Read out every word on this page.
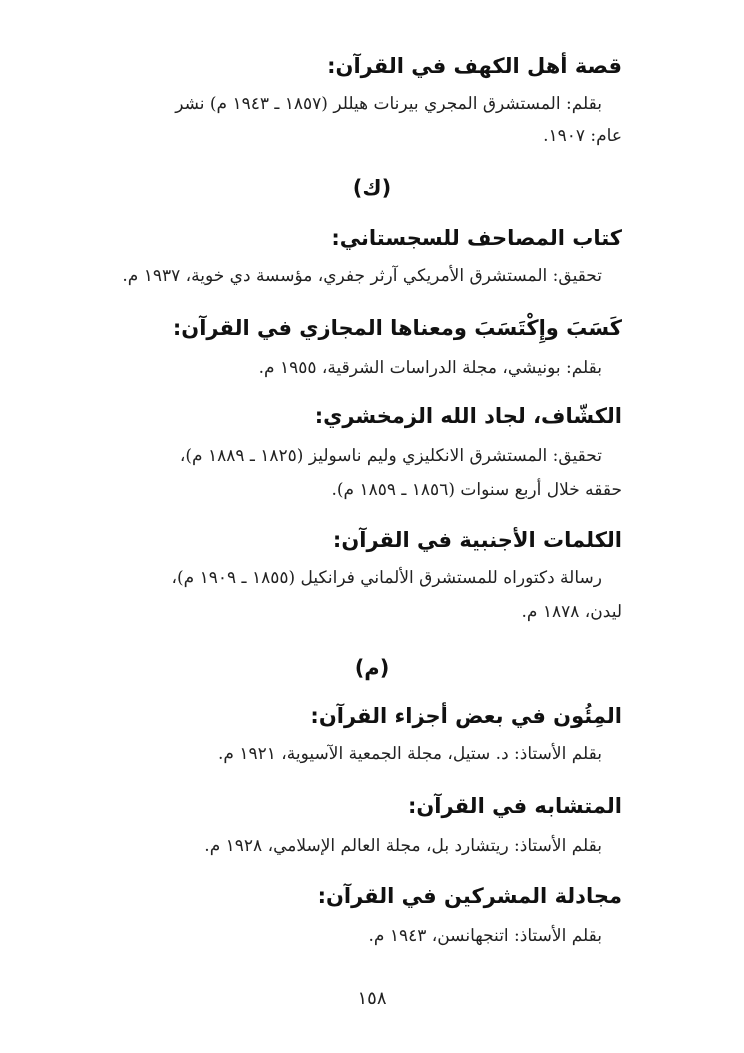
قصة أهل الكهف في القرآن:
بقلم: المستشرق المجري بيرنات هيللر (١٨٥٧ ـ ١٩٤٣ م) نشر
عام: ١٩٠٧.
(ك)
كتاب المصاحف للسجستاني:
تحقيق: المستشرق الأمريكي آرثر جفري، مؤسسة دي خوية، ١٩٣٧ م.
كَسَبَ وإِكْتَسَبَ ومعناها المجازي في القرآن:
بقلم: بونيشي، مجلة الدراسات الشرقية، ١٩٥٥ م.
الكشّاف، لجاد الله الزمخشري:
تحقيق: المستشرق الانكليزي وليم ناسوليز (١٨٢٥ ـ ١٨٨٩ م)،
حققه خلال أربع سنوات (١٨٥٦ ـ ١٨٥٩ م).
الكلمات الأجنبية في القرآن:
رسالة دكتوراه للمستشرق الألماني فرانكيل (١٨٥٥ ـ ١٩٠٩ م)،
ليدن، ١٨٧٨ م.
(م)
المِئُون في بعض أجزاء القرآن:
بقلم الأستاذ: د. ستيل، مجلة الجمعية الآسيوية، ١٩٢١ م.
المتشابه في القرآن:
بقلم الأستاذ: ريتشارد بل، مجلة العالم الإسلامي، ١٩٢٨ م.
مجادلة المشركين في القرآن:
بقلم الأستاذ: اتنجهانسن، ١٩٤٣ م.
١٥٨
